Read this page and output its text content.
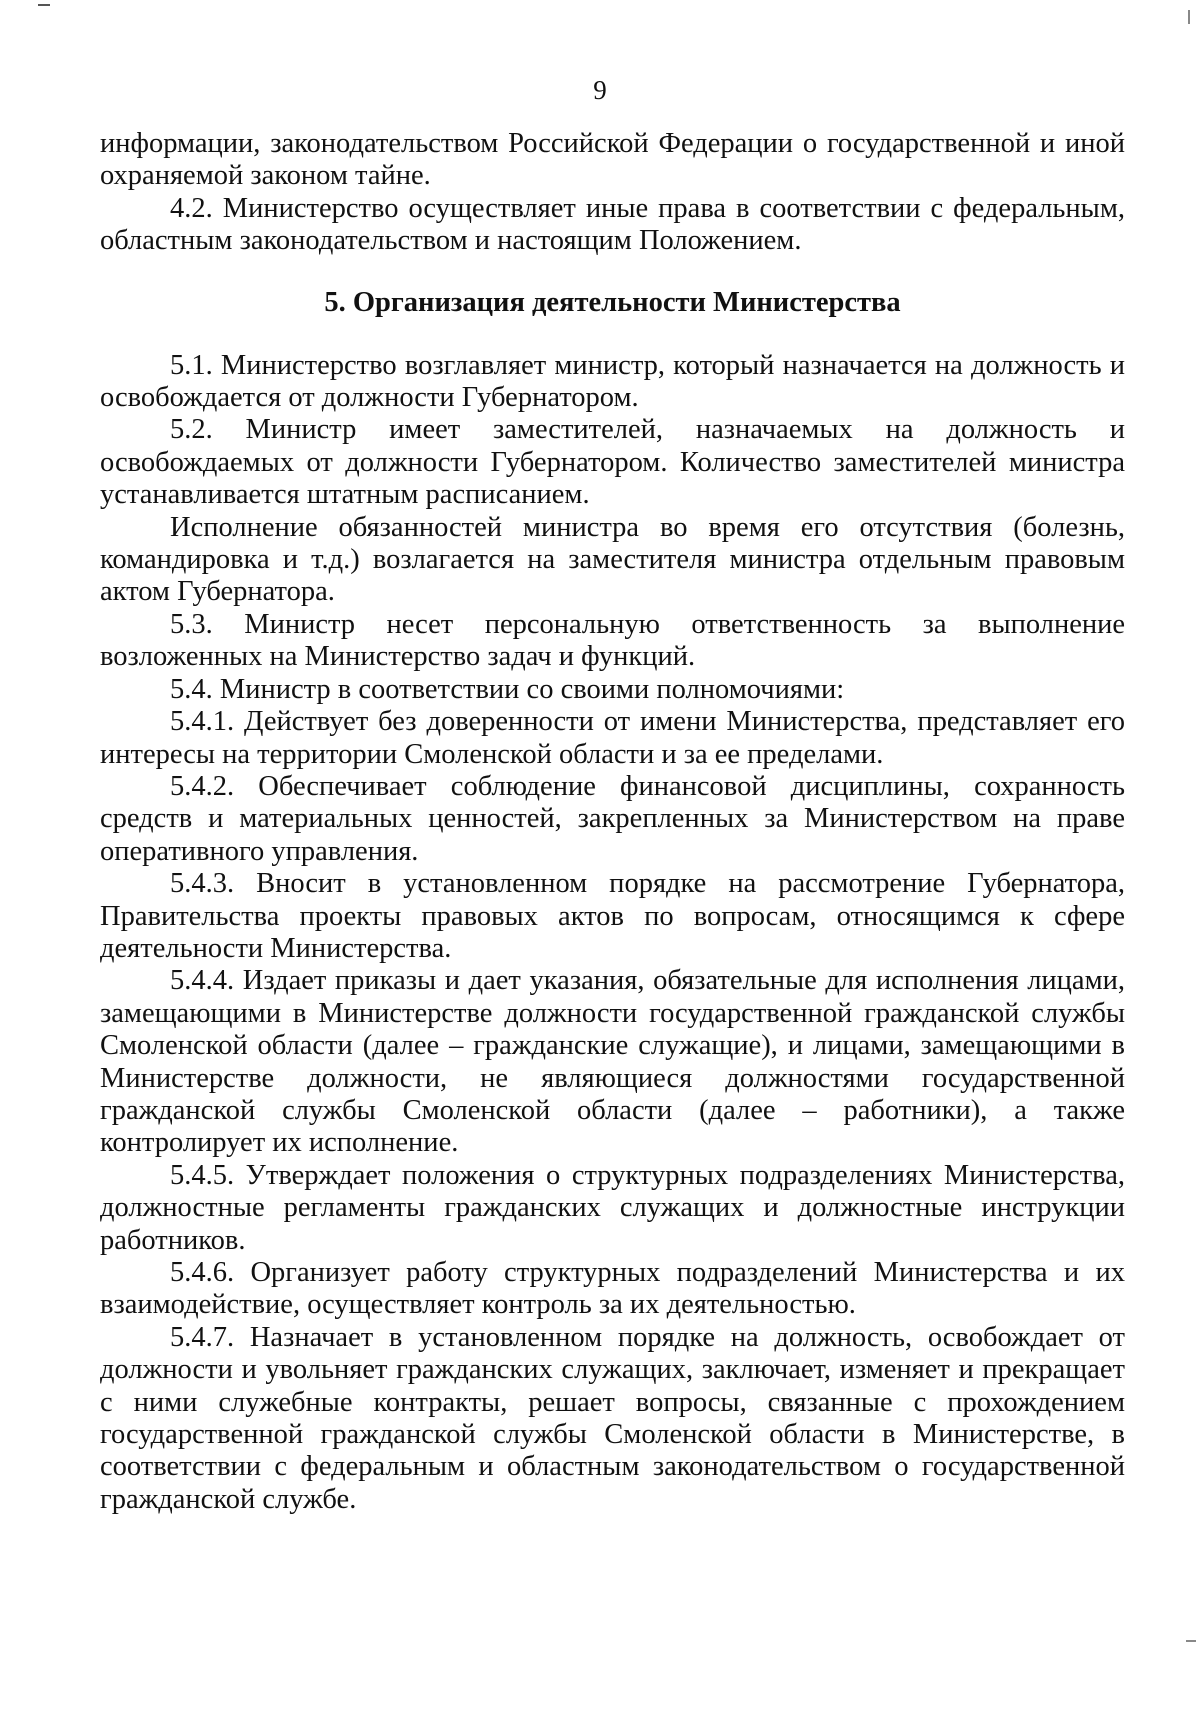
9

информации, законодательством Российской Федерации о государственной и иной охраняемой законом тайне.

4.2. Министерство осуществляет иные права в соответствии с федеральным, областным законодательством и настоящим Положением.

5. Организация деятельности Министерства

5.1. Министерство возглавляет министр, который назначается на должность и освобождается от должности Губернатором.

5.2. Министр имеет заместителей, назначаемых на должность и освобождаемых от должности Губернатором. Количество заместителей министра устанавливается штатным расписанием.

Исполнение обязанностей министра во время его отсутствия (болезнь, командировка и т.д.) возлагается на заместителя министра отдельным правовым актом Губернатора.

5.3. Министр несет персональную ответственность за выполнение возложенных на Министерство задач и функций.

5.4. Министр в соответствии со своими полномочиями:

5.4.1. Действует без доверенности от имени Министерства, представляет его интересы на территории Смоленской области и за ее пределами.

5.4.2. Обеспечивает соблюдение финансовой дисциплины, сохранность средств и материальных ценностей, закрепленных за Министерством на праве оперативного управления.

5.4.3. Вносит в установленном порядке на рассмотрение Губернатора, Правительства проекты правовых актов по вопросам, относящимся к сфере деятельности Министерства.

5.4.4. Издает приказы и дает указания, обязательные для исполнения лицами, замещающими в Министерстве должности государственной гражданской службы Смоленской области (далее – гражданские служащие), и лицами, замещающими в Министерстве должности, не являющиеся должностями государственной гражданской службы Смоленской области (далее – работники), а также контролирует их исполнение.

5.4.5. Утверждает положения о структурных подразделениях Министерства, должностные регламенты гражданских служащих и должностные инструкции работников.

5.4.6. Организует работу структурных подразделений Министерства и их взаимодействие, осуществляет контроль за их деятельностью.

5.4.7. Назначает в установленном порядке на должность, освобождает от должности и увольняет гражданских служащих, заключает, изменяет и прекращает с ними служебные контракты, решает вопросы, связанные с прохождением государственной гражданской службы Смоленской области в Министерстве, в соответствии с федеральным и областным законодательством о государственной гражданской службе.
